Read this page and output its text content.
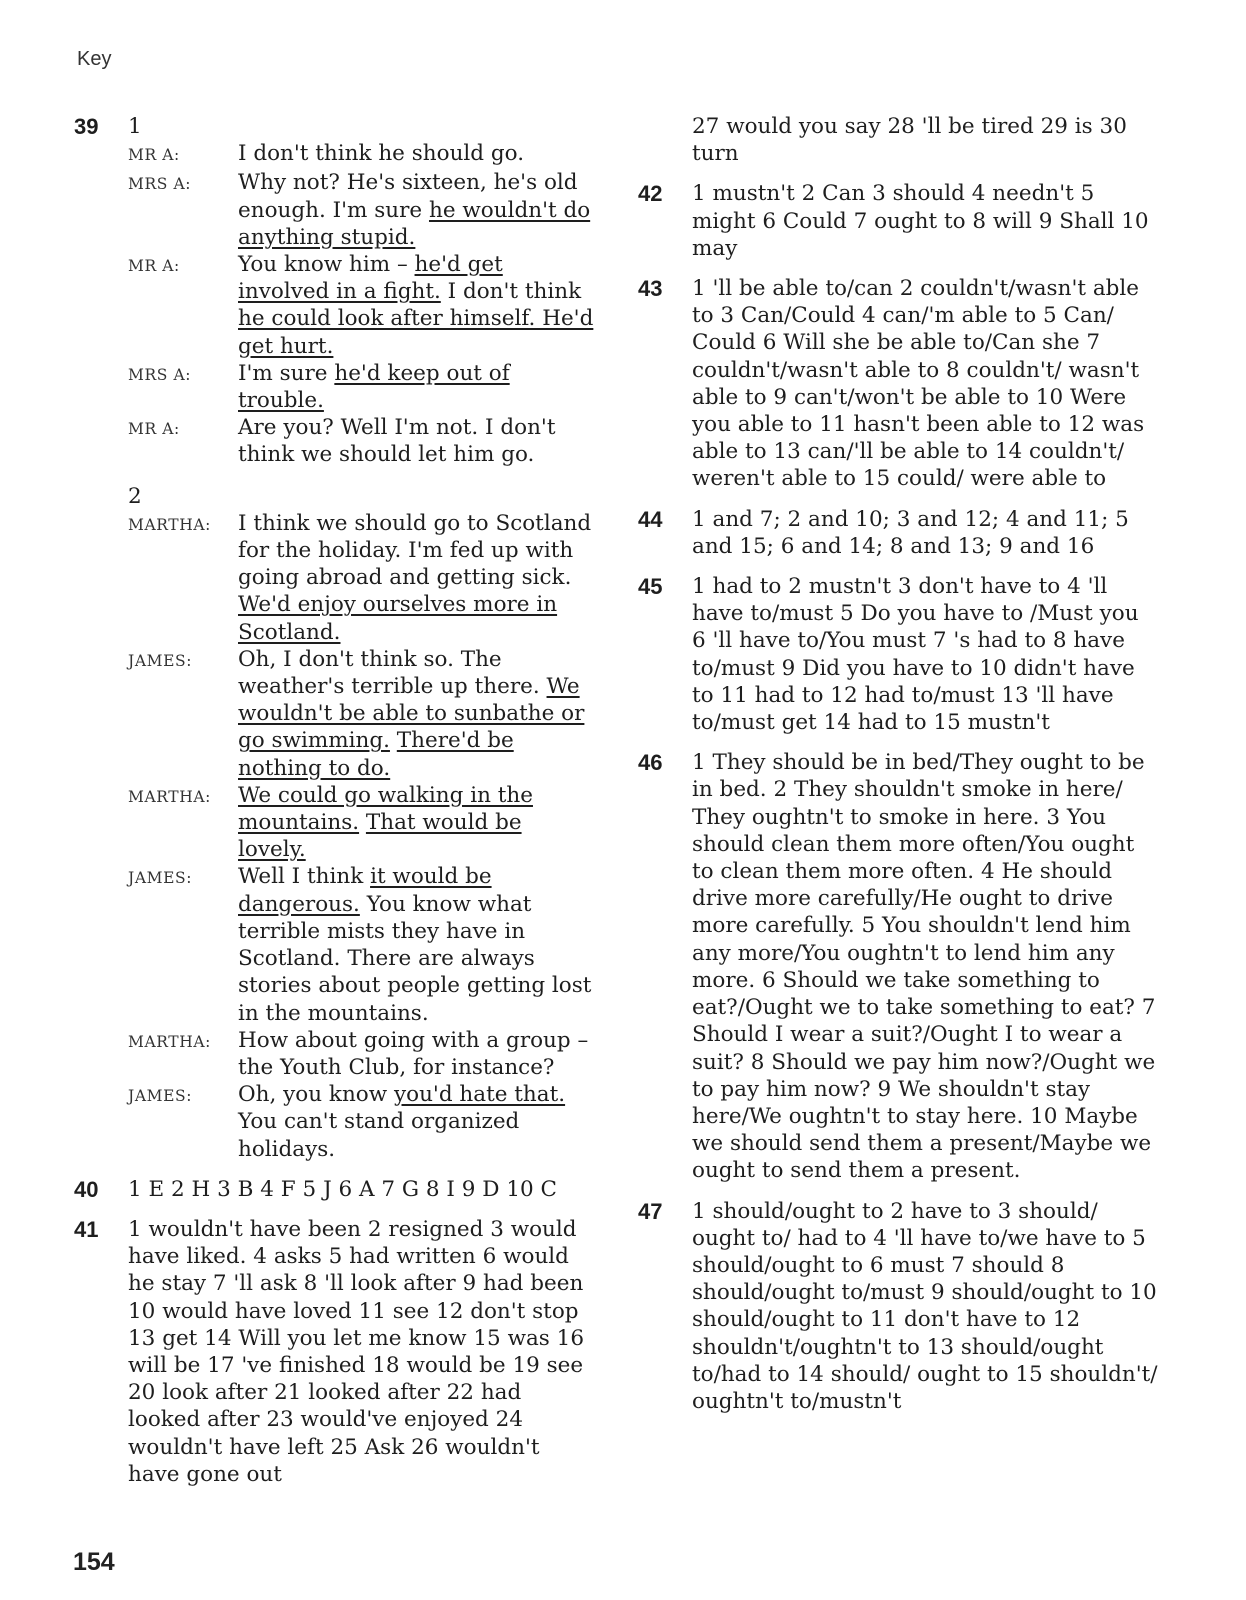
Key
39 1

MR A:	I don't think he should go.
MRS A:	Why not? He's sixteen, he's old enough. I'm sure he wouldn't do anything stupid.
MR A:	You know him – he'd get involved in a fight. I don't think he could look after himself. He'd get hurt.
MRS A:	I'm sure he'd keep out of trouble.
MR A:	Are you? Well I'm not. I don't think we should let him go.

2

MARTHA:	I think we should go to Scotland for the holiday. I'm fed up with going abroad and getting sick. We'd enjoy ourselves more in Scotland.
JAMES:	Oh, I don't think so. The weather's terrible up there. We wouldn't be able to sunbathe or go swimming. There'd be nothing to do.
MARTHA:	We could go walking in the mountains. That would be lovely.
JAMES:	Well I think it would be dangerous. You know what terrible mists they have in Scotland. There are always stories about people getting lost in the mountains.
MARTHA:	How about going with a group – the Youth Club, for instance?
JAMES:	Oh, you know you'd hate that. You can't stand organized holidays.
40 1 E 2 H 3 B 4 F 5 J 6 A 7 G 8 I 9 D 10 C

41 1 wouldn't have been 2 resigned 3 would have liked. 4 asks 5 had written 6 would he stay 7 'll ask 8 'll look after 9 had been 10 would have loved 11 see 12 don't stop 13 get 14 Will you let me know 15 was 16 will be 17 've finished 18 would be 19 see 20 look after 21 looked after 22 had looked after 23 would've enjoyed 24 wouldn't have left 25 Ask 26 wouldn't have gone out

27 would you say 28 'll be tired 29 is 30 turn

42 1 mustn't 2 Can 3 should 4 needn't 5 might 6 Could 7 ought to 8 will 9 Shall 10 may

43 1 'll be able to/can 2 couldn't/wasn't able to 3 Can/Could 4 can/'m able to 5 Can/ Could 6 Will she be able to/Can she 7 couldn't/wasn't able to 8 couldn't/ wasn't able to 9 can't/won't be able to 10 Were you able to 11 hasn't been able to 12 was able to 13 can/'ll be able to 14 couldn't/ weren't able to 15 could/ were able to

44 1 and 7; 2 and 10; 3 and 12; 4 and 11; 5 and 15; 6 and 14; 8 and 13; 9 and 16

45 1 had to 2 mustn't 3 don't have to 4 'll have to/must 5 Do you have to /Must you 6 'll have to/You must 7 's had to 8 have to/must 9 Did you have to 10 didn't have to 11 had to 12 had to/must 13 'll have to/must get 14 had to 15 mustn't

46 1 They should be in bed/They ought to be in bed. 2 They shouldn't smoke in here/ They oughtn't to smoke in here. 3 You should clean them more often/You ought to clean them more often. 4 He should drive more carefully/He ought to drive more carefully. 5 You shouldn't lend him any more/You oughtn't to lend him any more. 6 Should we take something to eat?/Ought we to take something to eat? 7 Should I wear a suit?/Ought I to wear a suit? 8 Should we pay him now?/Ought we to pay him now? 9 We shouldn't stay here/We oughtn't to stay here. 10 Maybe we should send them a present/Maybe we ought to send them a present.

47 1 should/ought to 2 have to 3 should/ ought to/ had to 4 'll have to/we have to 5 should/ought to 6 must 7 should 8 should/ought to/must 9 should/ought to 10 should/ought to 11 don't have to 12 shouldn't/oughtn't to 13 should/ought to/had to 14 should/ ought to 15 shouldn't/ oughtn't to/mustn't

154
